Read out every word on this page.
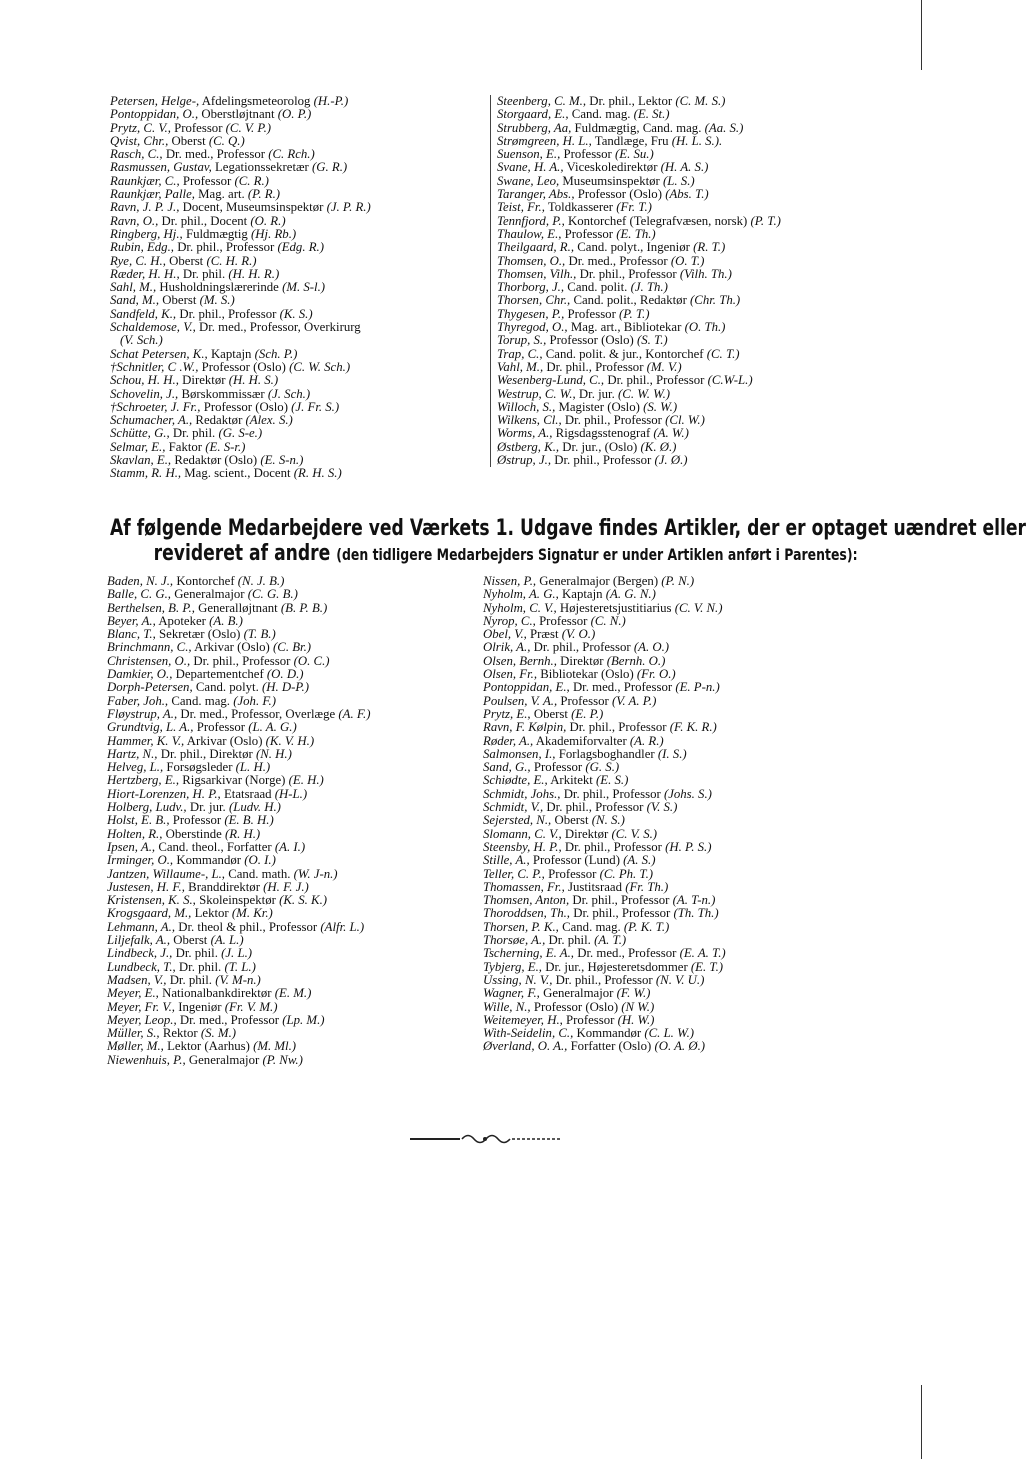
Petersen, Helge-, Afdelingsmeteorolog (H.-P.)
Pontoppidan, O., Oberstløjtnant (O. P.)
Prytz, C. V., Professor (C. V. P.)
Qvist, Chr., Oberst (C. Q.)
Rasch, C., Dr. med., Professor (C. Rch.)
Rasmussen, Gustav, Legationssekretær (G. R.)
Raunkjær, C., Professor (C. R.)
Raunkjær, Palle, Mag. art. (P. R.)
Ravn, J. P. J., Docent, Museumsinspektør (J. P. R.)
Ravn, O., Dr. phil., Docent (O. R.)
Ringberg, Hj., Fuldmægtig (Hj. Rb.)
Rubin, Edg., Dr. phil., Professor (Edg. R.)
Rye, C. H., Oberst (C. H. R.)
Ræder, H. H., Dr. phil. (H. H. R.)
Sahl, M., Husholdningslærerinde (M. S-l.)
Sand, M., Oberst (M. S.)
Sandfeld, K., Dr. phil., Professor (K. S.)
Schaldemose, V., Dr. med., Professor, Overkirurg
(V. Sch.)
Schat Petersen, K., Kaptajn (Sch. P.)
†Schnitler, C .W., Professor (Oslo) (C. W. Sch.)
Schou, H. H., Direktør (H. H. S.)
Schovelin, J., Børskommissær (J. Sch.)
†Schroeter, J. Fr., Professor (Oslo) (J. Fr. S.)
Schumacher, A., Redaktør (Alex. S.)
Schütte, G., Dr. phil. (G. S-e.)
Selmar, E., Faktor (E. S-r.)
Skavlan, E., Redaktør (Oslo) (E. S-n.)
Stamm, R. H., Mag. scient., Docent (R. H. S.)
Steenberg, C. M., Dr. phil., Lektor (C. M. S.)
Storgaard, E., Cand. mag. (E. St.)
Strubberg, Aa, Fuldmægtig, Cand. mag. (Aa. S.)
Strømgreen, H. L., Tandlæge, Fru (H. L. S.).
Suenson, E., Professor (E. Su.)
Svane, H. A., Viceskoledirektør (H. A. S.)
Swane, Leo, Museumsinspektør (L. S.)
Taranger, Abs., Professor (Oslo) (Abs. T.)
Teist, Fr., Toldkasserer (Fr. T.)
Tennfjord, P., Kontorchef (Telegrafvæsen, norsk) (P. T.)
Thaulow, E., Professor (E. Th.)
Theilgaard, R., Cand. polyt., Ingeniør (R. T.)
Thomsen, O., Dr. med., Professor (O. T.)
Thomsen, Vilh., Dr. phil., Professor (Vilh. Th.)
Thorborg, J., Cand. polit. (J. Th.)
Thorsen, Chr., Cand. polit., Redaktør (Chr. Th.)
Thygesen, P., Professor (P. T.)
Thyregod, O., Mag. art., Bibliotekar (O. Th.)
Torup, S., Professor (Oslo) (S. T.)
Trap, C., Cand. polit. & jur., Kontorchef (C. T.)
Vahl, M., Dr. phil., Professor (M. V.)
Wesenberg-Lund, C., Dr. phil., Professor (C.W-L.)
Westrup, C. W., Dr. jur. (C. W. W.)
Willoch, S., Magister (Oslo) (S. W.)
Wilkens, Cl., Dr. phil., Professor (Cl. W.)
Worms, A., Rigsdagsstenograf (A. W.)
Østberg, K., Dr. jur., (Oslo) (K. Ø.)
Østrup, J., Dr. phil., Professor (J. Ø.)
Af følgende Medarbejdere ved Værkets 1. Udgave findes Artikler, der er optaget uændret eller
revideret af andre (den tidligere Medarbejders Signatur er under Artiklen anført i Parentes):
Baden, N. J., Kontorchef (N. J. B.)
Balle, C. G., Generalmajor (C. G. B.)
Berthelsen, B. P., Generalløjtnant (B. P. B.)
Beyer, A., Apoteker (A. B.)
Blanc, T., Sekretær (Oslo) (T. B.)
Brinchmann, C., Arkivar (Oslo) (C. Br.)
Christensen, O., Dr. phil., Professor (O. C.)
Damkier, O., Departementchef (O. D.)
Dorph-Petersen, Cand. polyt. (H. D-P.)
Faber, Joh., Cand. mag. (Joh. F.)
Fløystrup, A., Dr. med., Professor, Overlæge (A. F.)
Grundtvig, L. A., Professor (L. A. G.)
Hammer, K. V., Arkivar (Oslo) (K. V. H.)
Hartz, N., Dr. phil., Direktør (N. H.)
Helveg, L., Forsøgsleder (L. H.)
Hertzberg, E., Rigsarkivar (Norge) (E. H.)
Hiort-Lorenzen, H. P., Etatsraad (H-L.)
Holberg, Ludv., Dr. jur. (Ludv. H.)
Holst, E. B., Professor (E. B. H.)
Holten, R., Oberstinde (R. H.)
Ipsen, A., Cand. theol., Forfatter (A. I.)
Irminger, O., Kommandør (O. I.)
Jantzen, Willaume-, L., Cand. math. (W. J-n.)
Justesen, H. F., Branddirektør (H. F. J.)
Kristensen, K. S., Skoleinspektør (K. S. K.)
Krogsgaard, M., Lektor (M. Kr.)
Lehmann, A., Dr. theol & phil., Professor (Alfr. L.)
Liljefalk, A., Oberst (A. L.)
Lindbeck, J., Dr. phil. (J. L.)
Lundbeck, T., Dr. phil. (T. L.)
Madsen, V., Dr. phil. (V. M-n.)
Meyer, E., Nationalbankdirektør (E. M.)
Meyer, Fr. V., Ingeniør (Fr. V. M.)
Meyer, Leop., Dr. med., Professor (Lp. M.)
Müller, S., Rektor (S. M.)
Møller, M., Lektor (Aarhus) (M. Ml.)
Niewenhuis, P., Generalmajor (P. Nw.)
Nissen, P., Generalmajor (Bergen) (P. N.)
Nyholm, A. G., Kaptajn (A. G. N.)
Nyholm, C. V., Højesteretsjustitiarius (C. V. N.)
Nyrop, C., Professor (C. N.)
Obel, V., Præst (V. O.)
Olrik, A., Dr. phil., Professor (A. O.)
Olsen, Bernh., Direktør (Bernh. O.)
Olsen, Fr., Bibliotekar (Oslo) (Fr. O.)
Pontoppidan, E., Dr. med., Professor (E. P-n.)
Poulsen, V. A., Professor (V. A. P.)
Prytz, E., Oberst (E. P.)
Ravn, F. Kølpin, Dr. phil., Professor (F. K. R.)
Røder, A., Akademiforvalter (A. R.)
Salmonsen, I., Forlagsboghandler (I. S.)
Sand, G., Professor (G. S.)
Schiødte, E., Arkitekt (E. S.)
Schmidt, Johs., Dr. phil., Professor (Johs. S.)
Schmidt, V., Dr. phil., Professor (V. S.)
Sejersted, N., Oberst (N. S.)
Slomann, C. V., Direktør (C. V. S.)
Steensby, H. P., Dr. phil., Professor (H. P. S.)
Stille, A., Professor (Lund) (A. S.)
Teller, C. P., Professor (C. Ph. T.)
Thomassen, Fr., Justitsraad (Fr. Th.)
Thomsen, Anton, Dr. phil., Professor (A. T-n.)
Thoroddsen, Th., Dr. phil., Professor (Th. Th.)
Thorsen, P. K., Cand. mag. (P. K. T.)
Thorsøe, A., Dr. phil. (A. T.)
Tscherning, E. A., Dr. med., Professor (E. A. T.)
Tybjerg, E., Dr. jur., Højesteretsdommer (E. T.)
Ussing, N. V., Dr. phil., Professor (N. V. U.)
Wagner, F., Generalmajor (F. W.)
Wille, N., Professor (Oslo) (N W.)
Weitemeyer, H., Professor (H. W.)
With-Seidelin, C., Kommandør (C. L. W.)
Øverland, O. A., Forfatter (Oslo) (O. A. Ø.)
